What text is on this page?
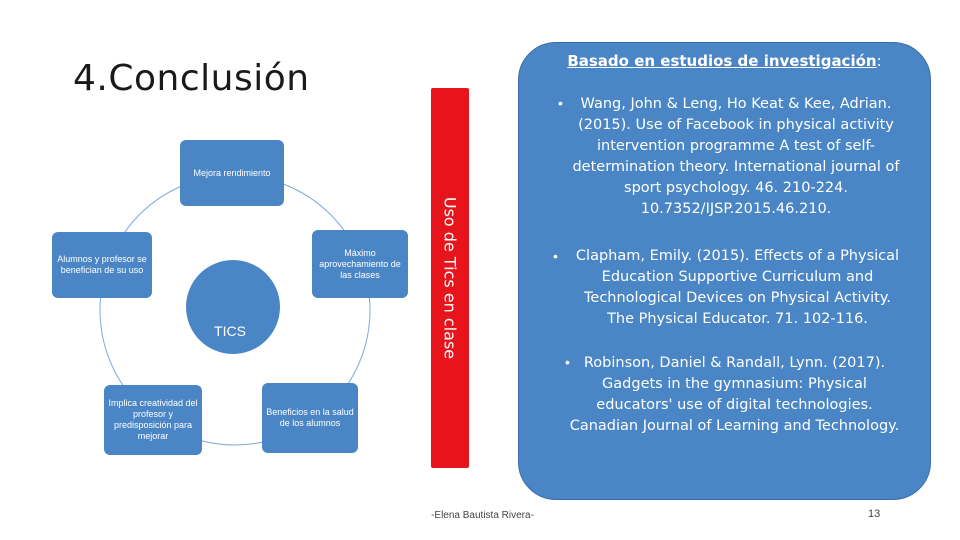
4.Conclusión
Mejora rendimiento
Máximo aprovechamiento de las clases
Beneficios en la salud de los alumnos
Implica creatividad del profesor y predisposición para mejorar
Alumnos y profesor se benefician de su uso
TICS	Uso de Tics en clase
Basado en estudios de investigación:
•	Wang, John & Leng, Ho Keat & Kee, Adrian. (2015). Use of Facebook in physical activity intervention programme A test of self-determination theory. International journal of sport psychology. 46. 210-224. 10.7352/IJSP.2015.46.210.
•	Clapham, Emily. (2015). Effects of a Physical Education Supportive Curriculum and Technological Devices on Physical Activity. The Physical Educator. 71. 102-116.
• Robinson, Daniel & Randall, Lynn. (2017). Gadgets in the gymnasium: Physical educators' use of digital technologies. Canadian Journal of Learning and Technology.
-Elena Bautista Rivera-	13
